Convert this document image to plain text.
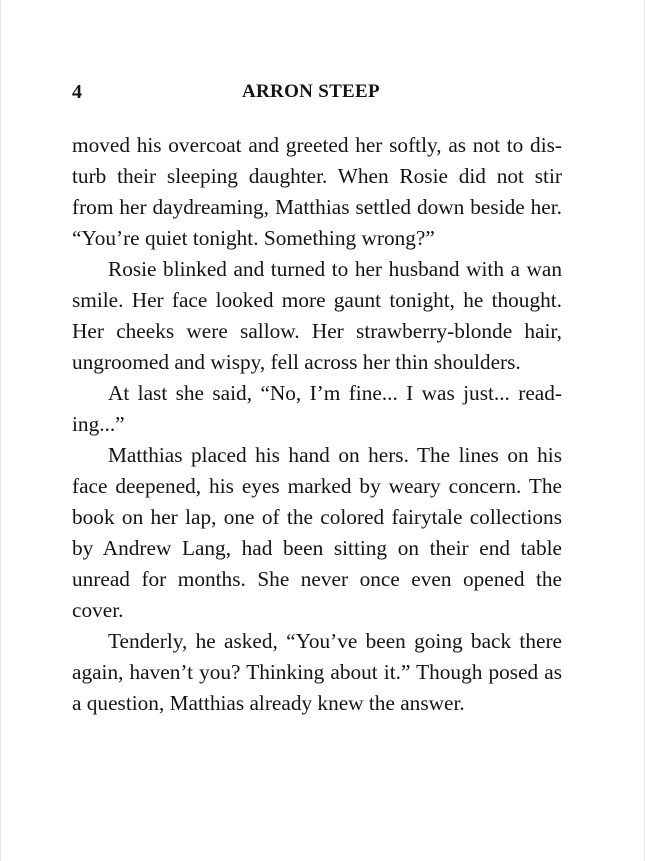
4	ARRON STEEP

moved his overcoat and greeted her softly, as not to disturb their sleeping daughter. When Rosie did not stir from her daydreaming, Matthias settled down beside her. “You’re quiet tonight. Something wrong?”

Rosie blinked and turned to her husband with a wan smile. Her face looked more gaunt tonight, he thought. Her cheeks were sallow. Her strawberry-blonde hair, ungroomed and wispy, fell across her thin shoulders.

At last she said, “No, I’m fine... I was just... reading...”

Matthias placed his hand on hers. The lines on his face deepened, his eyes marked by weary concern. The book on her lap, one of the colored fairytale collections by Andrew Lang, had been sitting on their end table unread for months. She never once even opened the cover.

Tenderly, he asked, “You’ve been going back there again, haven’t you? Thinking about it.” Though posed as a question, Matthias already knew the answer.
